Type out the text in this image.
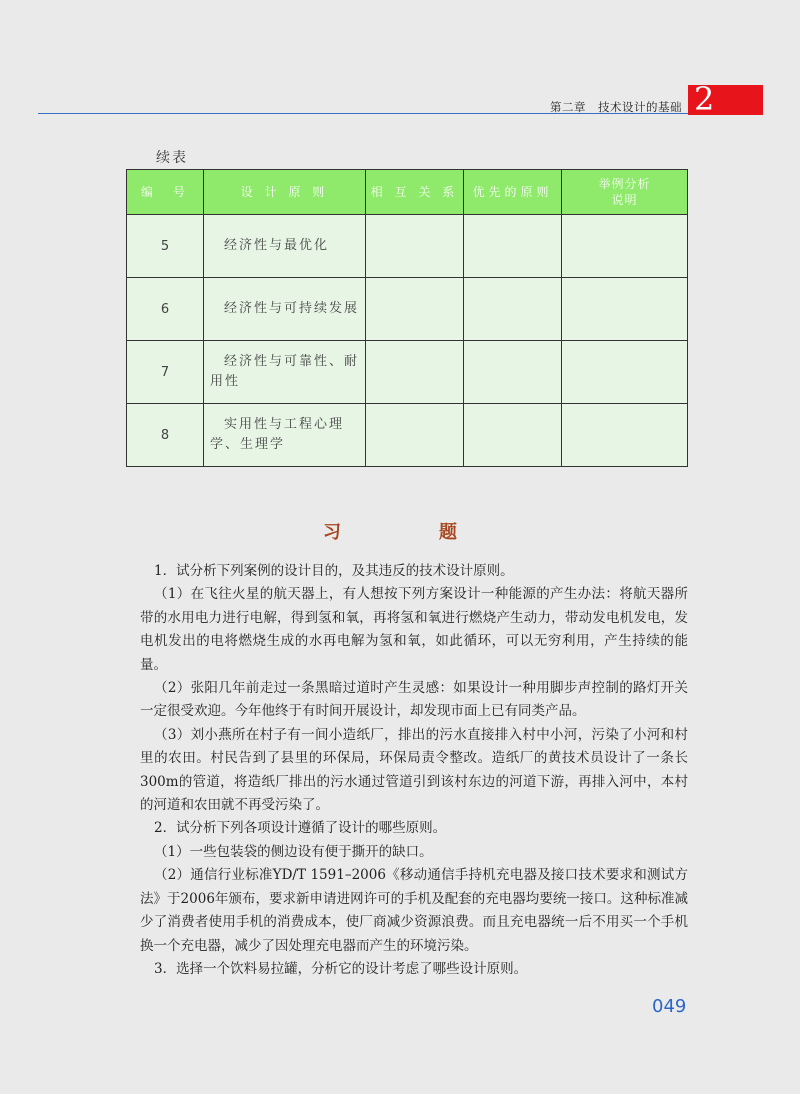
第二章　技术设计的基础 2
续表
编　号	设 计 原 则	相 互 关 系	优先的原则	举例分析
说明
5	经济性与最优化			
6	经济性与可持续发展			
7	经济性与可靠性、耐用性			
8	实用性与工程心理学、生理学			
习　题

1．试分析下列案例的设计目的，及其违反的技术设计原则。

（1）在飞往火星的航天器上，有人想按下列方案设计一种能源的产生办法：将航天器所带的水用电力进行电解，得到氢和氧，再将氢和氧进行燃烧产生动力，带动发电机发电，发电机发出的电将燃烧生成的水再电解为氢和氧，如此循环，可以无穷利用，产生持续的能量。

（2）张阳几年前走过一条黑暗过道时产生灵感：如果设计一种用脚步声控制的路灯开关一定很受欢迎。今年他终于有时间开展设计，却发现市面上已有同类产品。

（3）刘小燕所在村子有一间小造纸厂，排出的污水直接排入村中小河，污染了小河和村里的农田。村民告到了县里的环保局，环保局责令整改。造纸厂的黄技术员设计了一条长300m的管道，将造纸厂排出的污水通过管道引到该村东边的河道下游，再排入河中，本村的河道和农田就不再受污染了。

2．试分析下列各项设计遵循了设计的哪些原则。

（1）一些包装袋的侧边设有便于撕开的缺口。

（2）通信行业标准YD/T 1591–2006《移动通信手持机充电器及接口技术要求和测试方法》于2006年颁布，要求新申请进网许可的手机及配套的充电器均要统一接口。这种标准减少了消费者使用手机的消费成本，使厂商减少资源浪费。而且充电器统一后不用买一个手机换一个充电器，减少了因处理充电器而产生的环境污染。

3．选择一个饮料易拉罐，分析它的设计考虑了哪些设计原则。

049
